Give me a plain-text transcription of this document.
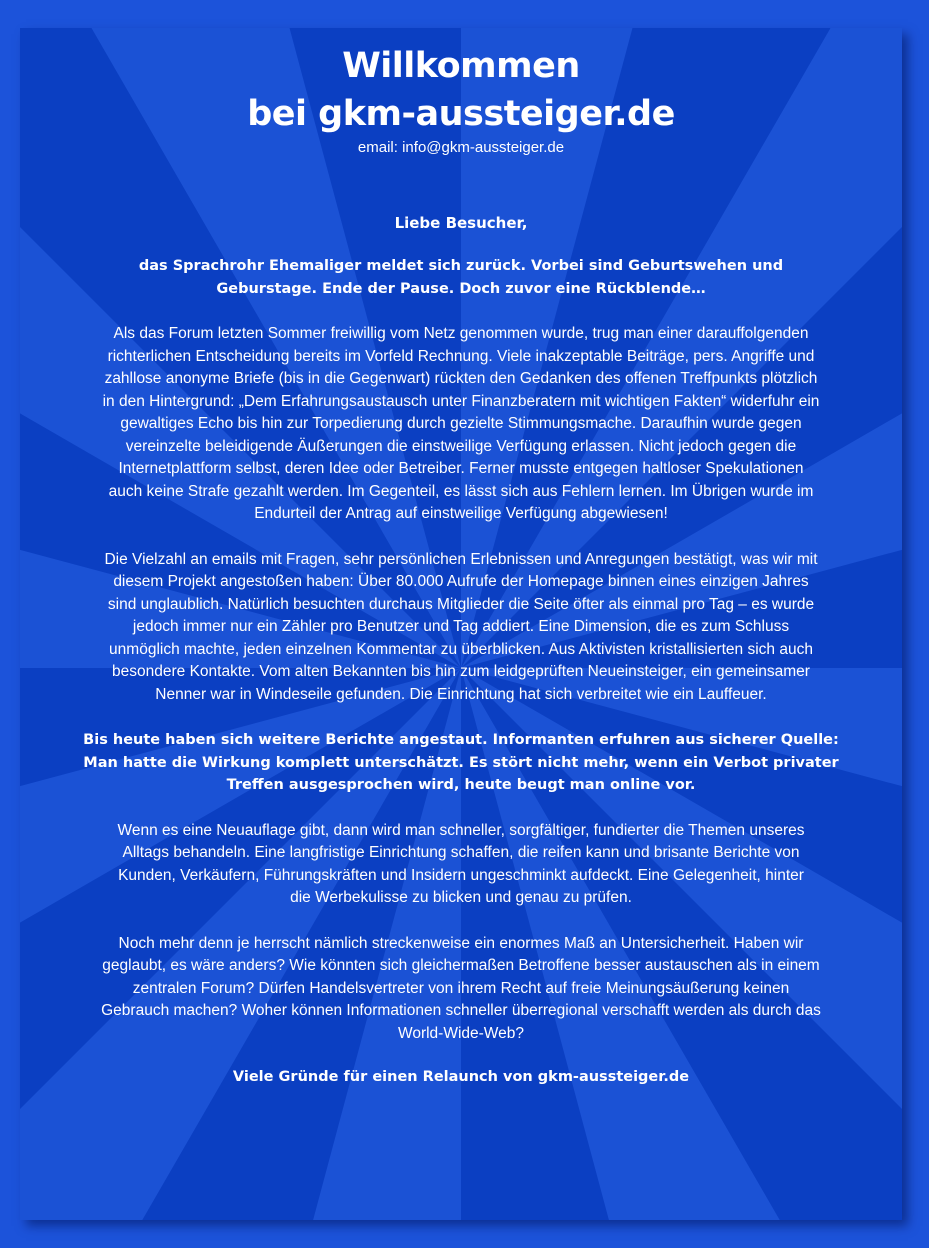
Willkommen
bei gkm-aussteiger.de

email: info@gkm-aussteiger.de

Liebe Besucher,

das Sprachrohr Ehemaliger meldet sich zurück. Vorbei sind Geburtswehen und Geburstage. Ende der Pause. Doch zuvor eine Rückblende…

Als das Forum letzten Sommer freiwillig vom Netz genommen wurde, trug man einer darauffolgenden richterlichen Entscheidung bereits im Vorfeld Rechnung. Viele inakzeptable Beiträge, pers. Angriffe und zahllose anonyme Briefe (bis in die Gegenwart) rückten den Gedanken des offenen Treffpunkts plötzlich in den Hintergrund: „Dem Erfahrungsaustausch unter Finanzberatern mit wichtigen Fakten“ widerfuhr ein gewaltiges Echo bis hin zur Torpedierung durch gezielte Stimmungsmache. Daraufhin wurde gegen vereinzelte beleidigende Äußerungen die einstweilige Verfügung erlassen. Nicht jedoch gegen die Internetplattform selbst, deren Idee oder Betreiber. Ferner musste entgegen haltloser Spekulationen auch keine Strafe gezahlt werden. Im Gegenteil, es lässt sich aus Fehlern lernen. Im Übrigen wurde im Endurteil der Antrag auf einstweilige Verfügung abgewiesen!

Die Vielzahl an emails mit Fragen, sehr persönlichen Erlebnissen und Anregungen bestätigt, was wir mit diesem Projekt angestoßen haben: Über 80.000 Aufrufe der Homepage binnen eines einzigen Jahres sind unglaublich. Natürlich besuchten durchaus Mitglieder die Seite öfter als einmal pro Tag – es wurde jedoch immer nur ein Zähler pro Benutzer und Tag addiert. Eine Dimension, die es zum Schluss unmöglich machte, jeden einzelnen Kommentar zu überblicken. Aus Aktivisten kristallisierten sich auch besondere Kontakte. Vom alten Bekannten bis hin zum leidgeprüften Neueinsteiger, ein gemeinsamer Nenner war in Windeseile gefunden. Die Einrichtung hat sich verbreitet wie ein Lauffeuer.

Bis heute haben sich weitere Berichte angestaut. Informanten erfuhren aus sicherer Quelle: Man hatte die Wirkung komplett unterschätzt. Es stört nicht mehr, wenn ein Verbot privater Treffen ausgesprochen wird, heute beugt man online vor.

Wenn es eine Neuauflage gibt, dann wird man schneller, sorgfältiger, fundierter die Themen unseres Alltags behandeln. Eine langfristige Einrichtung schaffen, die reifen kann und brisante Berichte von Kunden, Verkäufern, Führungskräften und Insidern ungeschminkt aufdeckt. Eine Gelegenheit, hinter die Werbekulisse zu blicken und genau zu prüfen.

Noch mehr denn je herrscht nämlich streckenweise ein enormes Maß an Untersicherheit. Haben wir geglaubt, es wäre anders? Wie könnten sich gleichermaßen Betroffene besser austauschen als in einem zentralen Forum? Dürfen Handelsvertreter von ihrem Recht auf freie Meinungsäußerung keinen Gebrauch machen? Woher können Informationen schneller überregional verschafft werden als durch das World-Wide-Web?

Viele Gründe für einen Relaunch von gkm-aussteiger.de
